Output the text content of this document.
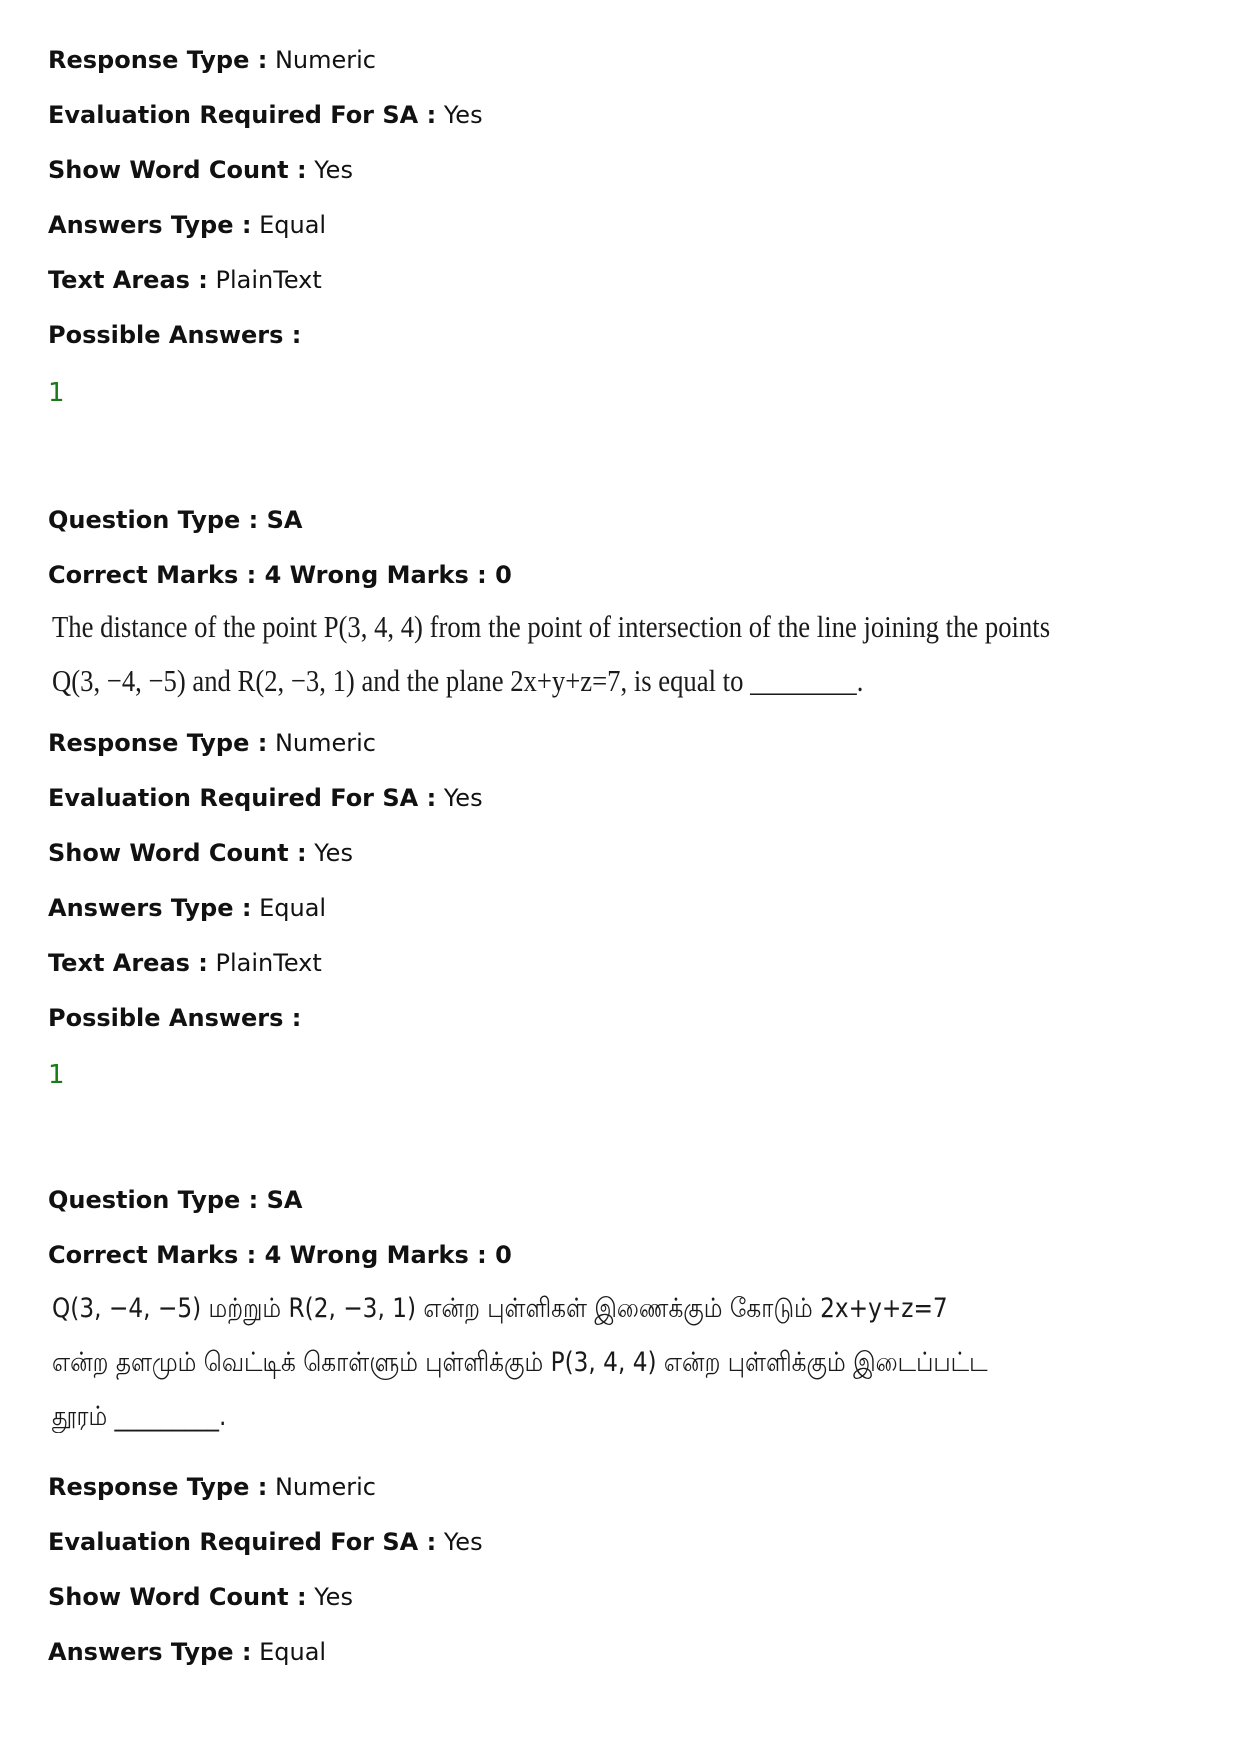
Response Type : Numeric
Evaluation Required For SA : Yes
Show Word Count : Yes
Answers Type : Equal
Text Areas : PlainText
Possible Answers :
1
Question Type : SA
Correct Marks : 4 Wrong Marks : 0
The distance of the point P(3, 4, 4) from the point of intersection of the line joining the points
Q(3, −4, −5) and R(2, −3, 1) and the plane 2x+y+z=7, is equal to ________.
Response Type : Numeric
Evaluation Required For SA : Yes
Show Word Count : Yes
Answers Type : Equal
Text Areas : PlainText
Possible Answers :
1
Question Type : SA
Correct Marks : 4 Wrong Marks : 0
Q(3, −4, −5) மற்றும் R(2, −3, 1) என்ற புள்ளிகள் இணைக்கும் கோடும் 2x+y+z=7
என்ற தளமும் வெட்டிக் கொள்ளும் புள்ளிக்கும் P(3, 4, 4) என்ற புள்ளிக்கும் இடைப்பட்ட
தூரம் _________.
Response Type : Numeric
Evaluation Required For SA : Yes
Show Word Count : Yes
Answers Type : Equal
